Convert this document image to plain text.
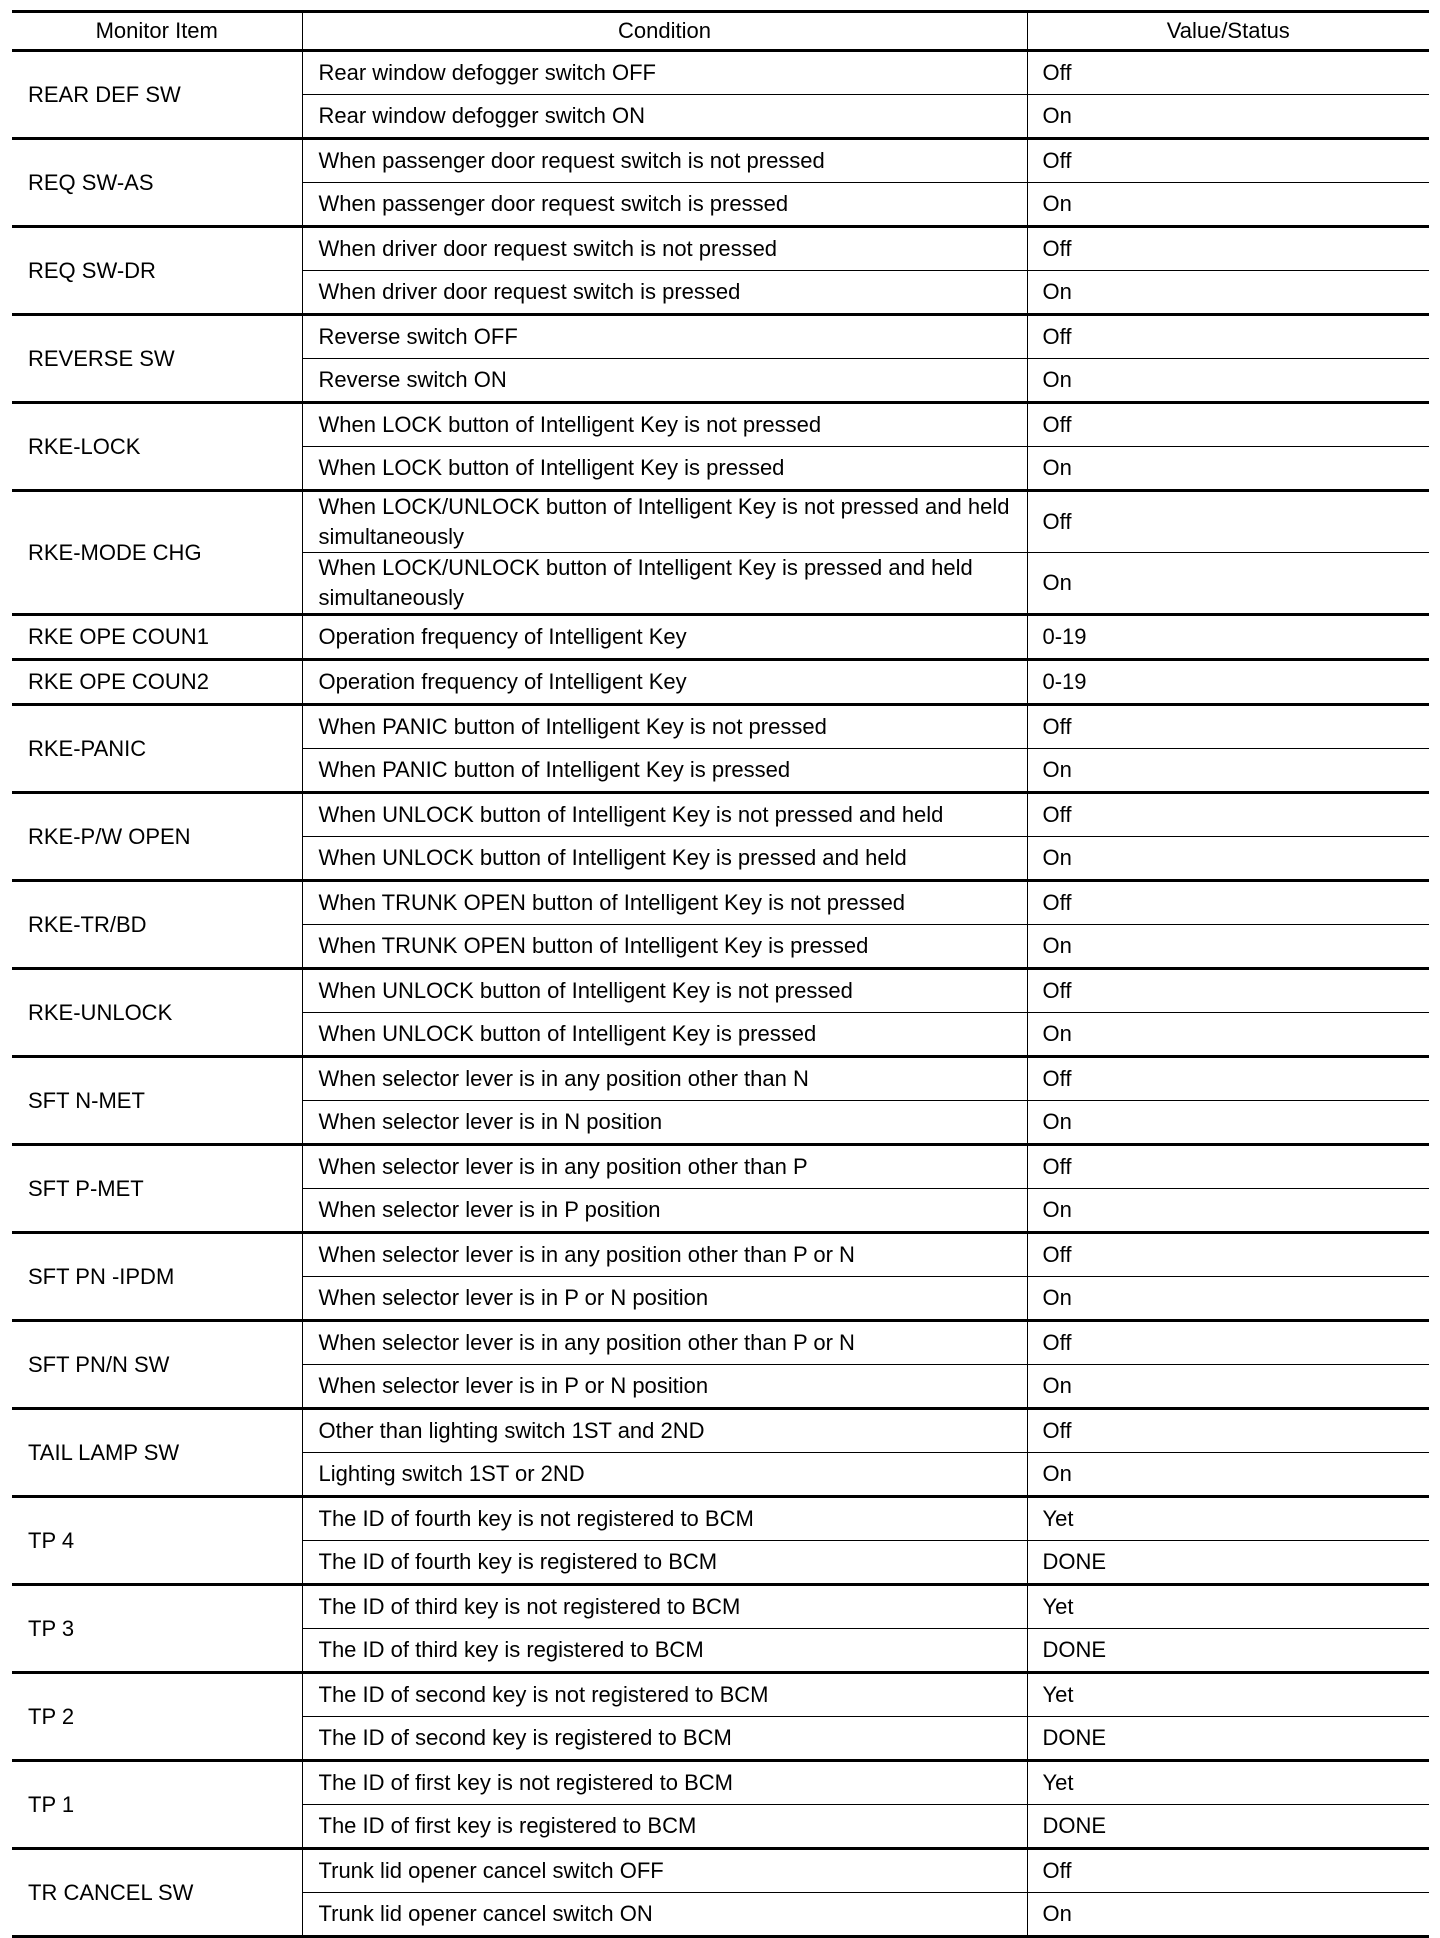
Monitor Item	Condition	Value/Status
REAR DEF SW	Rear window defogger switch OFF	Off
	Rear window defogger switch ON	On
REQ SW-AS	When passenger door request switch is not pressed	Off
	When passenger door request switch is pressed	On
REQ SW-DR	When driver door request switch is not pressed	Off
	When driver door request switch is pressed	On
REVERSE SW	Reverse switch OFF	Off
	Reverse switch ON	On
RKE-LOCK	When LOCK button of Intelligent Key is not pressed	Off
	When LOCK button of Intelligent Key is pressed	On
RKE-MODE CHG	When LOCK/UNLOCK button of Intelligent Key is not pressed and held simultaneously	Off
	When LOCK/UNLOCK button of Intelligent Key is pressed and held simultaneously	On
RKE OPE COUN1	Operation frequency of Intelligent Key	0-19
RKE OPE COUN2	Operation frequency of Intelligent Key	0-19
RKE-PANIC	When PANIC button of Intelligent Key is not pressed	Off
	When PANIC button of Intelligent Key is pressed	On
RKE-P/W OPEN	When UNLOCK button of Intelligent Key is not pressed and held	Off
	When UNLOCK button of Intelligent Key is pressed and held	On
RKE-TR/BD	When TRUNK OPEN button of Intelligent Key is not pressed	Off
	When TRUNK OPEN button of Intelligent Key is pressed	On
RKE-UNLOCK	When UNLOCK button of Intelligent Key is not pressed	Off
	When UNLOCK button of Intelligent Key is pressed	On
SFT N-MET	When selector lever is in any position other than N	Off
	When selector lever is in N position	On
SFT P-MET	When selector lever is in any position other than P	Off
	When selector lever is in P position	On
SFT PN -IPDM	When selector lever is in any position other than P or N	Off
	When selector lever is in P or N position	On
SFT PN/N SW	When selector lever is in any position other than P or N	Off
	When selector lever is in P or N position	On
TAIL LAMP SW	Other than lighting switch 1ST and 2ND	Off
	Lighting switch 1ST or 2ND	On
TP 4	The ID of fourth key is not registered to BCM	Yet
	The ID of fourth key is registered to BCM	DONE
TP 3	The ID of third key is not registered to BCM	Yet
	The ID of third key is registered to BCM	DONE
TP 2	The ID of second key is not registered to BCM	Yet
	The ID of second key is registered to BCM	DONE
TP 1	The ID of first key is not registered to BCM	Yet
	The ID of first key is registered to BCM	DONE
TR CANCEL SW	Trunk lid opener cancel switch OFF	Off
	Trunk lid opener cancel switch ON	On
